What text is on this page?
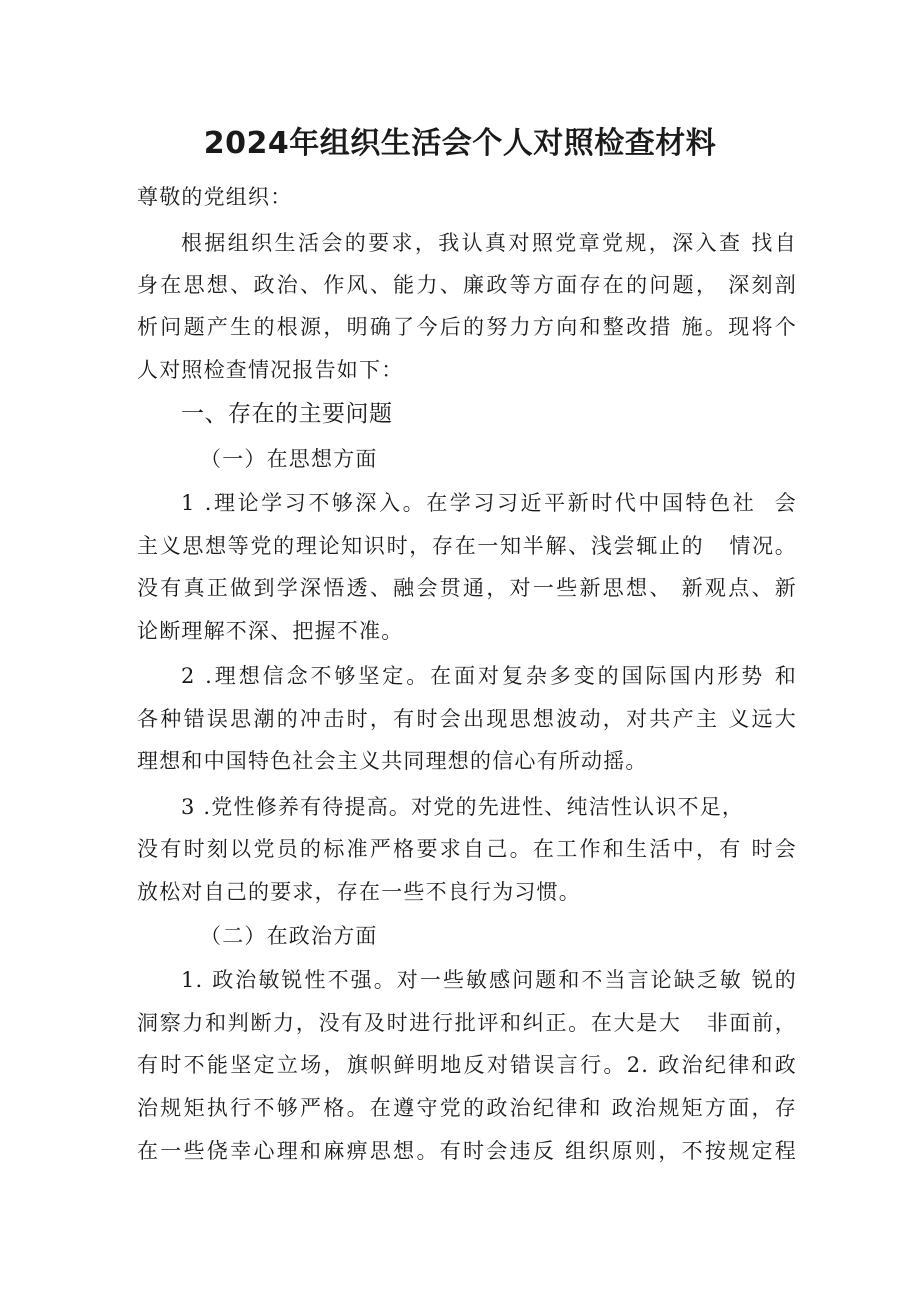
2024年组织生活会个人对照检查材料
尊敬的党组织：
根据组织生活会的要求，我认真对照党章党规，深入查 找自
身在思想、政治、作风、能力、廉政等方面存在的问题， 深刻剖
析问题产生的根源，明确了今后的努力方向和整改措 施。现将个
人对照检查情况报告如下：
一、存在的主要问题
（一）在思想方面
1 .理论学习不够深入。在学习习近平新时代中国特色社  会
主义思想等党的理论知识时，存在一知半解、浅尝辄止的   情况。
没有真正做到学深悟透、融会贯通，对一些新思想、 新观点、新
论断理解不深、把握不准。
2 .理想信念不够坚定。在面对复杂多变的国际国内形势 和
各种错误思潮的冲击时，有时会出现思想波动，对共产主 义远大
理想和中国特色社会主义共同理想的信心有所动摇。
3 .党性修养有待提高。对党的先进性、纯洁性认识不足，
没有时刻以党员的标准严格要求自己。在工作和生活中，有 时会
放松对自己的要求，存在一些不良行为习惯。
（二）在政治方面
1. 政治敏锐性不强。对一些敏感问题和不当言论缺乏敏 锐的
洞察力和判断力，没有及时进行批评和纠正。在大是大   非面前，
有时不能坚定立场，旗帜鲜明地反对错误言行。2. 政治纪律和政
治规矩执行不够严格。在遵守党的政治纪律和 政治规矩方面，存
在一些侥幸心理和麻痹思想。有时会违反 组织原则，不按规定程
